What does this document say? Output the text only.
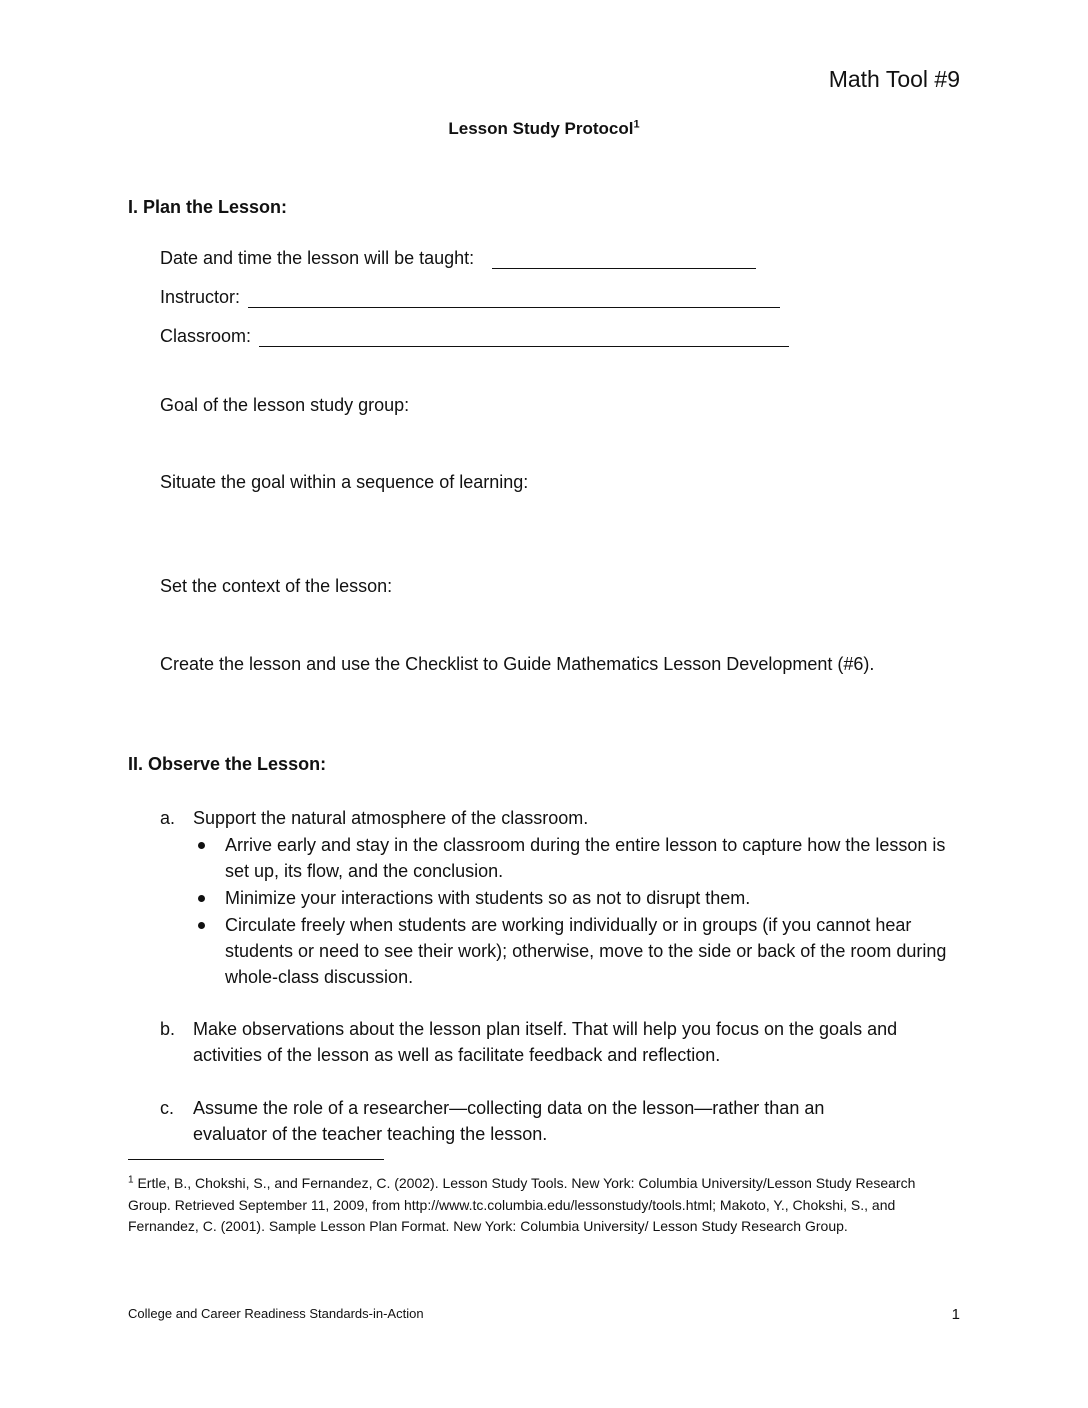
Math Tool #9
Lesson Study Protocol$^1$
I. Plan the Lesson:
Date and time the lesson will be taught:
Instructor:
Classroom:
Goal of the lesson study group:
Situate the goal within a sequence of learning:
Set the context of the lesson:
Create the lesson and use the Checklist to Guide Mathematics Lesson Development (#6).
II. Observe the Lesson:
a. Support the natural atmosphere of the classroom.
Arrive early and stay in the classroom during the entire lesson to capture how the lesson is set up, its flow, and the conclusion.
Minimize your interactions with students so as not to disrupt them.
Circulate freely when students are working individually or in groups (if you cannot hear students or need to see their work); otherwise, move to the side or back of the room during whole-class discussion.
b. Make observations about the lesson plan itself. That will help you focus on the goals and activities of the lesson as well as facilitate feedback and reflection.
c. Assume the role of a researcher—collecting data on the lesson—rather than an evaluator of the teacher teaching the lesson.
$^1$ Ertle, B., Chokshi, S., and Fernandez, C. (2002). Lesson Study Tools. New York: Columbia University/Lesson Study Research Group. Retrieved September 11, 2009, from http://www.tc.columbia.edu/lessonstudy/tools.html; Makoto, Y., Chokshi, S., and Fernandez, C. (2001). Sample Lesson Plan Format. New York: Columbia University/ Lesson Study Research Group.
College and Career Readiness Standards-in-Action	1
